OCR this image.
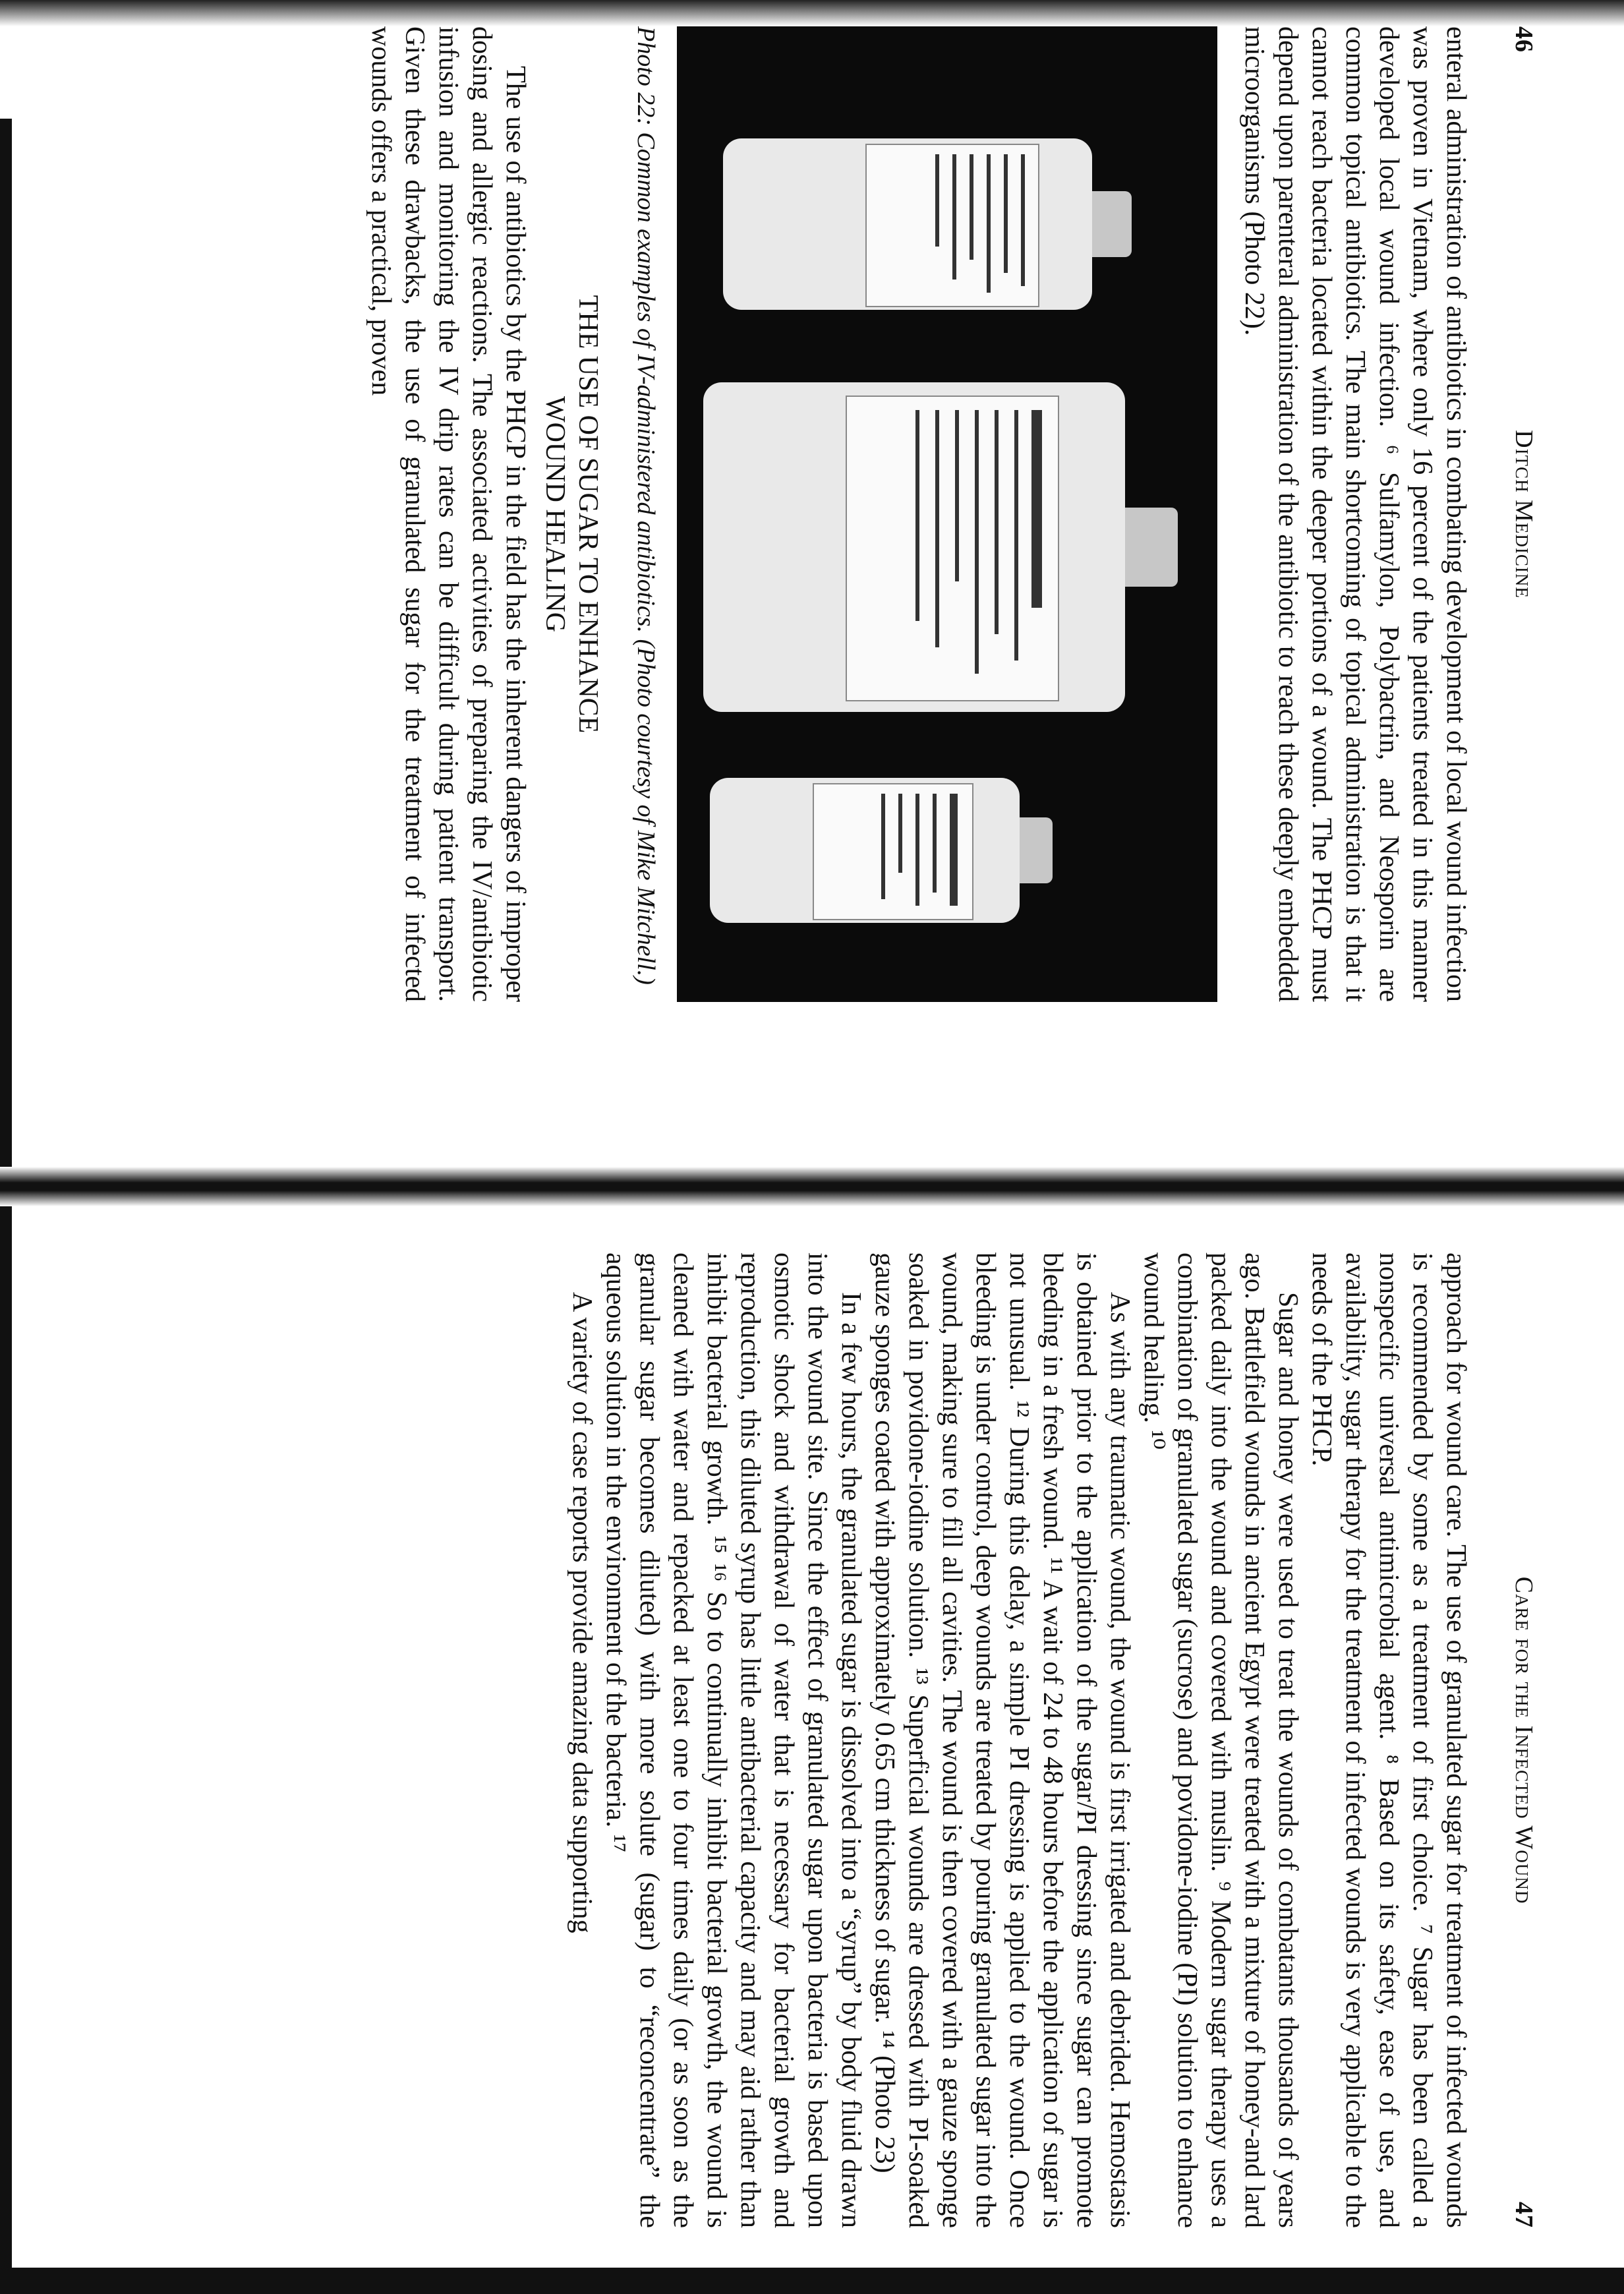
46
Ditch Medicine

enteral administration of antibiotics in combating development of local wound infection was proven in Vietnam, where only 16 percent of the patients treated in this manner developed local wound infection. ⁶ Sulfamylon, Polybactrin, and Neosporin are common topical antibiotics. The main shortcoming of topical administration is that it cannot reach bacteria located within the deeper portions of a wound. The PHCP must depend upon parenteral administration of the antibiotic to reach these deeply embedded microorganisms (Photo 22).

Photo 22: Common examples of IV-administered antibiotics. (Photo courtesy of Mike Mitchell.)
THE USE OF SUGAR TO ENHANCE
WOUND HEALING

The use of antibiotics by the PHCP in the field has the inherent dangers of improper dosing and allergic reactions. The associated activities of preparing the IV/antibiotic infusion and monitoring the IV drip rates can be difficult during patient transport. Given these drawbacks, the use of granulated sugar for the treatment of infected wounds offers a practical, proven

Care for the Infected Wound
47

approach for wound care. The use of granulated sugar for treatment of infected wounds is recommended by some as a treatment of first choice. ⁷ Sugar has been called a nonspecific universal antimicrobial agent. ⁸ Based on its safety, ease of use, and availability, sugar therapy for the treatment of infected wounds is very applicable to the needs of the PHCP.

Sugar and honey were used to treat the wounds of combatants thousands of years ago. Battlefield wounds in ancient Egypt were treated with a mixture of honey-and lard packed daily into the wound and covered with muslin. ⁹ Modern sugar therapy uses a combination of granulated sugar (sucrose) and povidone-iodine (PI) solution to enhance wound healing. ¹⁰

As with any traumatic wound, the wound is first irrigated and debrided. Hemostasis is obtained prior to the application of the sugar/PI dressing since sugar can promote bleeding in a fresh wound. ¹¹ A wait of 24 to 48 hours before the application of sugar is not unusual. ¹² During this delay, a simple PI dressing is applied to the wound. Once bleeding is under control, deep wounds are treated by pouring granulated sugar into the wound, making sure to fill all cavities. The wound is then covered with a gauze sponge soaked in povidone-iodine solution. ¹³ Superficial wounds are dressed with PI-soaked gauze sponges coated with approximately 0.65 cm thickness of sugar. ¹⁴ (Photo 23)

In a few hours, the granulated sugar is dissolved into a “syrup” by body fluid drawn into the wound site. Since the effect of granulated sugar upon bacteria is based upon osmotic shock and withdrawal of water that is necessary for bacterial growth and reproduction, this diluted syrup has little antibacterial capacity and may aid rather than inhibit bacterial growth. ¹⁵ ¹⁶ So to continually inhibit bacterial growth, the wound is cleaned with water and repacked at least one to four times daily (or as soon as the granular sugar becomes diluted) with more solute (sugar) to “reconcentrate” the aqueous solution in the environment of the bacteria. ¹⁷

A variety of case reports provide amazing data supporting
